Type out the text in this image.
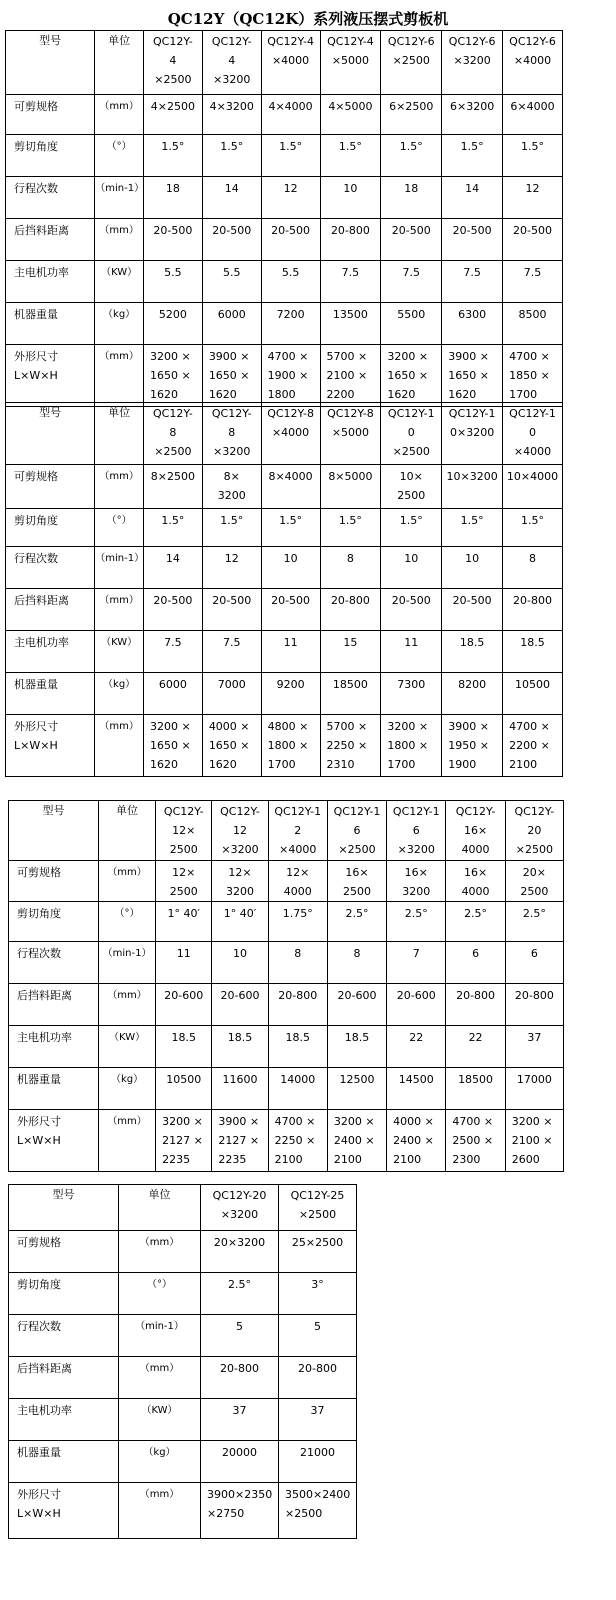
QC12Y（QC12K）系列液压摆式剪板机
型号	单位	QC12Y-
4
×2500	QC12Y-
4
×3200	QC12Y-4
×4000	QC12Y-4
×5000	QC12Y-6
×2500	QC12Y-6
×3200	QC12Y-6
×4000

可剪规格	（mm）	4×2500	4×3200	4×4000	4×5000	6×2500	6×3200	6×4000

剪切角度	（°）	1.5°	1.5°	1.5°	1.5°	1.5°	1.5°	1.5°
行程次数	（min-1）	18	14	12	10	18	14	12
后挡料距离	（mm）	20-500	20-500	20-500	20-800	20-500	20-500	20-500
主电机功率	（KW）	5.5	5.5	5.5	7.5	7.5	7.5	7.5
机器重量	（kg）	5200	6000	7200	13500	5500	6300	8500

外形尺寸
L×W×H	（mm）	3200 ×
1650 ×
1620	3900 ×
1650 ×
1620	4700 ×
1900 ×
1800	5700 ×
2100 ×
2200	3200 ×
1650 ×
1620	3900 ×
1650 ×
1620	4700 ×
1850 ×
1700
型号	单位	QC12Y-
8
×2500	QC12Y-
8
×3200	QC12Y-8
×4000	QC12Y-8
×5000	QC12Y-1
0
×2500	QC12Y-1
0×3200	QC12Y-1
0
×4000

可剪规格	（mm）	8×2500	8×
3200	8×4000	8×5000	10×
2500	10×3200	10×4000

剪切角度	（°）	1.5°	1.5°	1.5°	1.5°	1.5°	1.5°	1.5°
行程次数	（min-1）	14	12	10	8	10	10	8
后挡料距离	（mm）	20-500	20-500	20-500	20-800	20-500	20-500	20-800
主电机功率	（KW）	7.5	7.5	11	15	11	18.5	18.5
机器重量	（kg）	6000	7000	9200	18500	7300	8200	10500

外形尺寸
L×W×H	（mm）	3200 ×
1650 ×
1620	4000 ×
1650 ×
1620	4800 ×
1800 ×
1700	5700 ×
2250 ×
2310	3200 ×
1800 ×
1700	3900 ×
1950 ×
1900	4700 ×
2200 ×
2100
型号	单位	QC12Y-
12×
2500	QC12Y-
12
×3200	QC12Y-1
2
×4000	QC12Y-1
6
×2500	QC12Y-1
6
×3200	QC12Y-
16×
4000	QC12Y-
20
×2500

可剪规格	（mm）	12×
2500	12×
3200	12×
4000	16×
2500	16×
3200	16×
4000	20×
2500

剪切角度	（°）	1° 40′	1° 40′	1.75°	2.5°	2.5°	2.5°	2.5°
行程次数	（min-1）	11	10	8	8	7	6	6
后挡料距离	（mm）	20-600	20-600	20-800	20-600	20-600	20-800	20-800
主电机功率	（KW）	18.5	18.5	18.5	18.5	22	22	37
机器重量	（kg）	10500	11600	14000	12500	14500	18500	17000

外形尺寸
L×W×H	（mm）	3200 ×
2127 ×
2235	3900 ×
2127 ×
2235	4700 ×
2250 ×
2100	3200 ×
2400 ×
2100	4000 ×
2400 ×
2100	4700 ×
2500 ×
2300	3200 ×
2100 ×
2600
型号	单位	QC12Y-20
×3200	QC12Y-25
×2500

可剪规格	（mm）	20×3200	25×2500

剪切角度	（°）	2.5°	3°
行程次数	（min-1）	5	5
后挡料距离	（mm）	20-800	20-800
主电机功率	（KW）	37	37
机器重量	（kg）	20000	21000

外形尺寸
L×W×H	（mm）	3900×2350
×2750	3500×2400
×2500
